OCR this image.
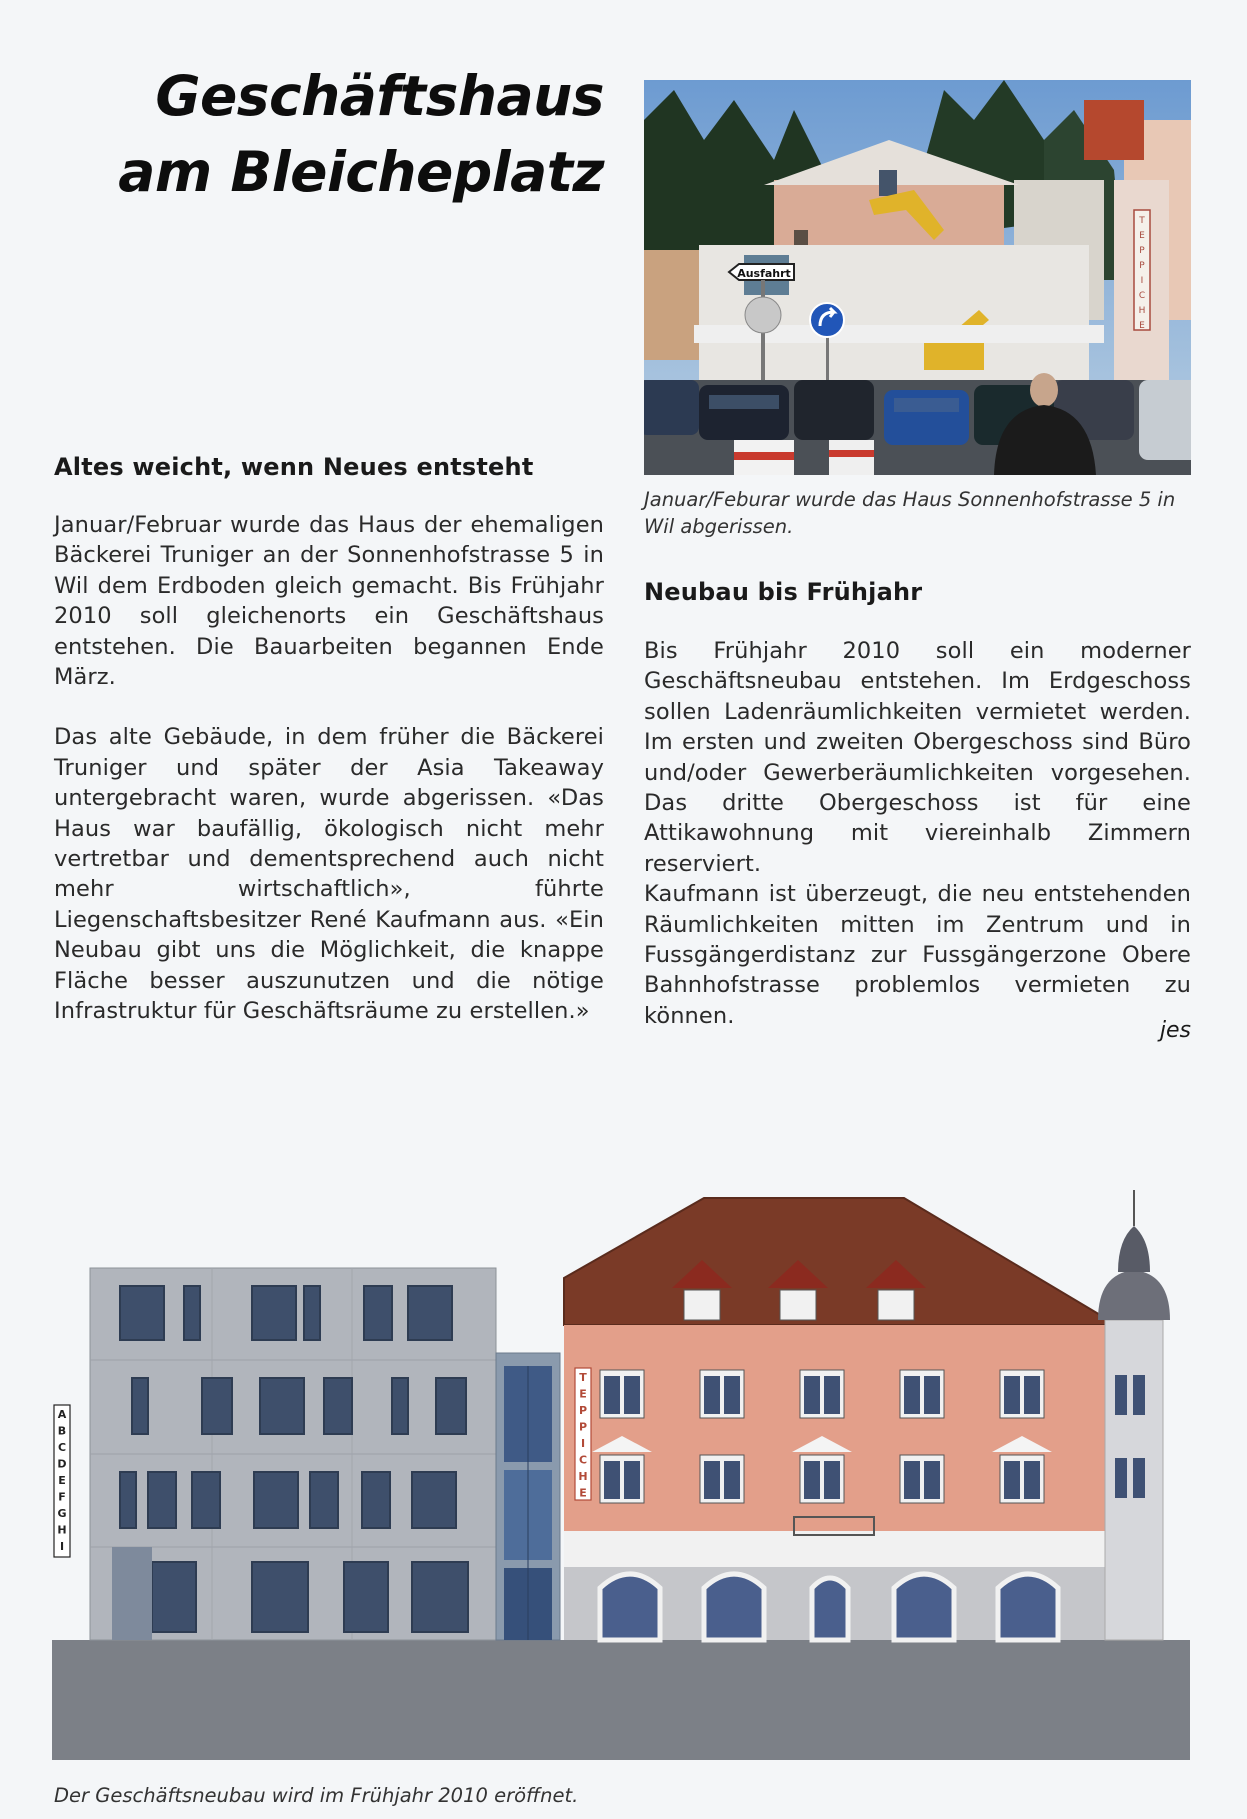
Geschäftshaus
am Bleicheplatz
T E P P I C H E
Ausfahrt

Januar/Feburar wurde das Haus Sonnenhofstrasse 5 in Wil abgerissen.

Altes weicht, wenn Neues entsteht

Januar/Februar wurde das Haus der ehemaligen Bäckerei Truniger an der Sonnenhofstrasse 5 in Wil dem Erdboden gleich gemacht. Bis Frühjahr 2010 soll gleichenorts ein Geschäftshaus entstehen. Die Bauarbeiten begannen Ende März.

Das alte Gebäude, in dem früher die Bäckerei Truniger und später der Asia Takeaway untergebracht waren, wurde abgerissen. «Das Haus war baufällig, ökologisch nicht mehr vertretbar und dementsprechend auch nicht mehr wirtschaftlich», führte Liegenschaftsbesitzer René Kaufmann aus. «Ein Neubau gibt uns die Möglichkeit, die knappe Fläche besser auszunutzen und die nötige Infrastruktur für Geschäftsräume zu erstellen.»

Neubau bis Frühjahr

Bis Frühjahr 2010 soll ein moderner Geschäftsneubau entstehen. Im Erdgeschoss sollen Ladenräumlichkeiten vermietet werden. Im ersten und zweiten Obergeschoss sind Büro und/oder Gewerberäumlichkeiten vorgesehen. Das dritte Obergeschoss ist für eine Attikawohnung mit viereinhalb Zimmern reserviert.

Kaufmann ist überzeugt, die neu entstehenden Räumlichkeiten mitten im Zentrum und in Fussgängerdistanz zur Fussgängerzone Obere Bahnhofstrasse problemlos vermieten zu können.

jes
A B C D E F G H I
T E P P I C H E

Der Geschäftsneubau wird im Frühjahr 2010 eröffnet.
